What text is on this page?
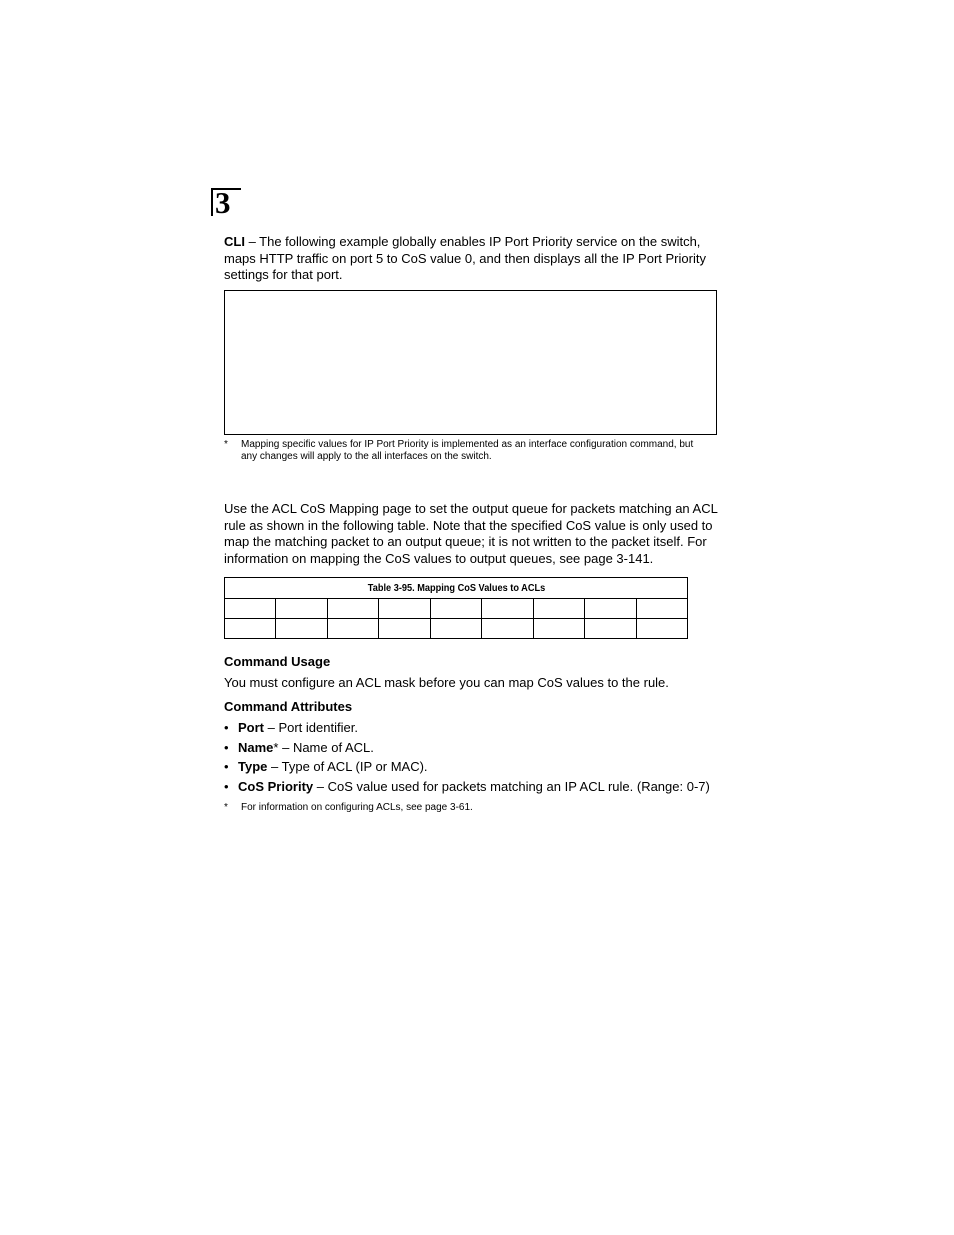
3
CLI – The following example globally enables IP Port Priority service on the switch, maps HTTP traffic on port 5 to CoS value 0, and then displays all the IP Port Priority settings for that port.
* Mapping specific values for IP Port Priority is implemented as an interface configuration command, but any changes will apply to the all interfaces on the switch.
Use the ACL CoS Mapping page to set the output queue for packets matching an ACL rule as shown in the following table. Note that the specified CoS value is only used to map the matching packet to an output queue; it is not written to the packet itself. For information on mapping the CoS values to output queues, see page 3-141.
Table 3-95. Mapping CoS Values to ACLs								

Command Usage
You must configure an ACL mask before you can map CoS values to the rule.
Command Attributes
• Port – Port identifier.
• Name* – Name of ACL.
• Type – Type of ACL (IP or MAC).
• CoS Priority – CoS value used for packets matching an IP ACL rule. (Range: 0-7)
* For information on configuring ACLs, see page 3-61.
